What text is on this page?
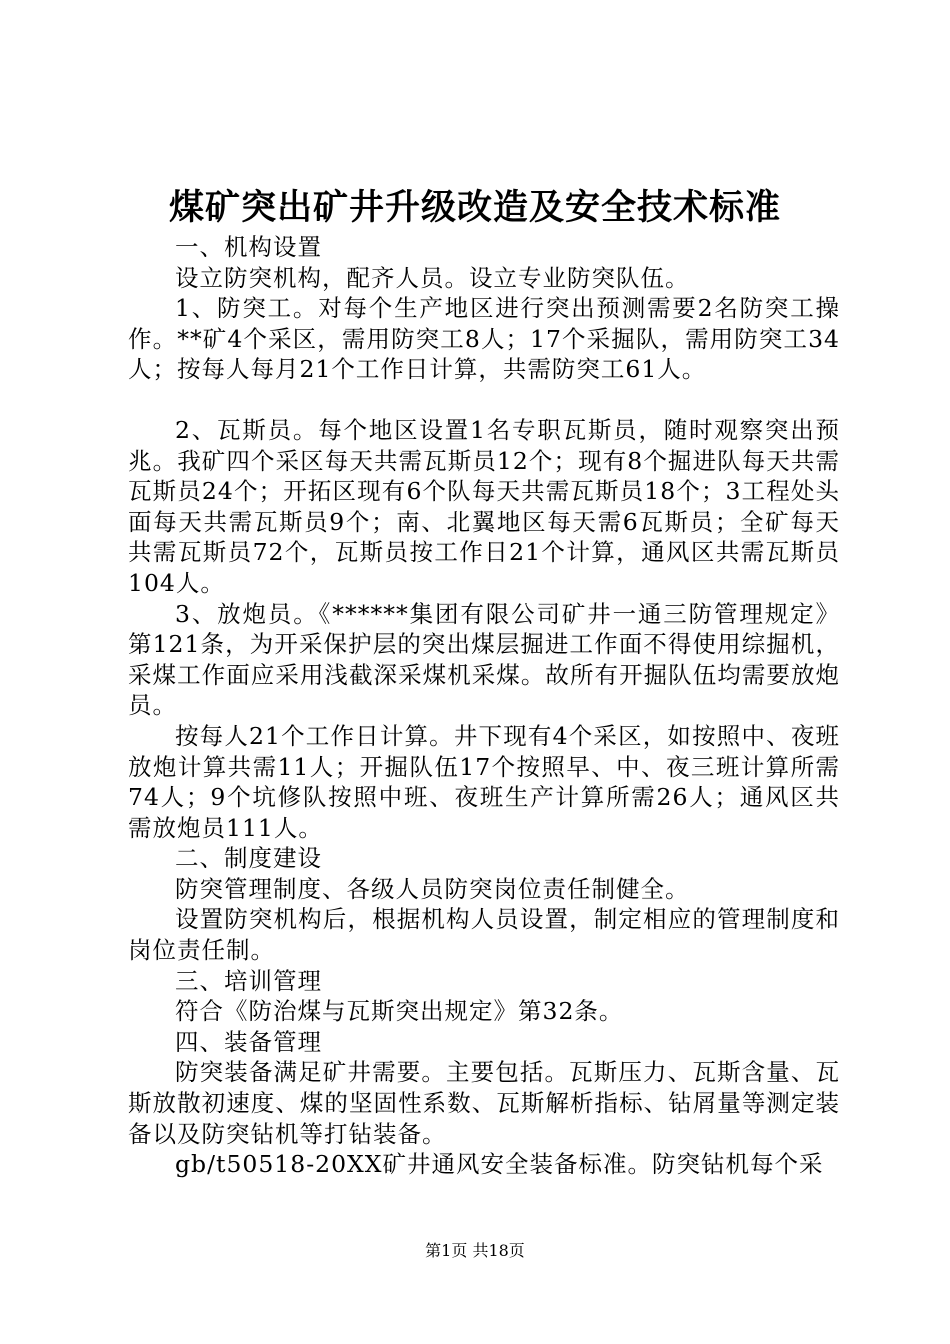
煤矿突出矿井升级改造及安全技术标准

一、机构设置

设立防突机构，配齐人员。设立专业防突队伍。

1、防突工。对每个生产地区进行突出预测需要2名防突工操作。**矿4个采区，需用防突工8人；17个采掘队，需用防突工34人；按每人每月21个工作日计算，共需防突工61人。

2、瓦斯员。每个地区设置1名专职瓦斯员，随时观察突出预兆。我矿四个采区每天共需瓦斯员12个；现有8个掘进队每天共需瓦斯员24个；开拓区现有6个队每天共需瓦斯员18个；3工程处头面每天共需瓦斯员9个；南、北翼地区每天需6瓦斯员；全矿每天共需瓦斯员72个，瓦斯员按工作日21个计算，通风区共需瓦斯员104人。

3、放炮员。《******集团有限公司矿井一通三防管理规定》第121条，为开采保护层的突出煤层掘进工作面不得使用综掘机，采煤工作面应采用浅截深采煤机采煤。故所有开掘队伍均需要放炮员。

按每人21个工作日计算。井下现有4个采区，如按照中、夜班放炮计算共需11人；开掘队伍17个按照早、中、夜三班计算所需74人；9个坑修队按照中班、夜班生产计算所需26人；通风区共需放炮员111人。

二、制度建设

防突管理制度、各级人员防突岗位责任制健全。

设置防突机构后，根据机构人员设置，制定相应的管理制度和岗位责任制。

三、培训管理

符合《防治煤与瓦斯突出规定》第32条。

四、装备管理

防突装备满足矿井需要。主要包括。瓦斯压力、瓦斯含量、瓦斯放散初速度、煤的坚固性系数、瓦斯解析指标、钻屑量等测定装备以及防突钻机等打钻装备。

gb/t50518-20XX矿井通风安全装备标准。防突钻机每个采

第1页 共18页
